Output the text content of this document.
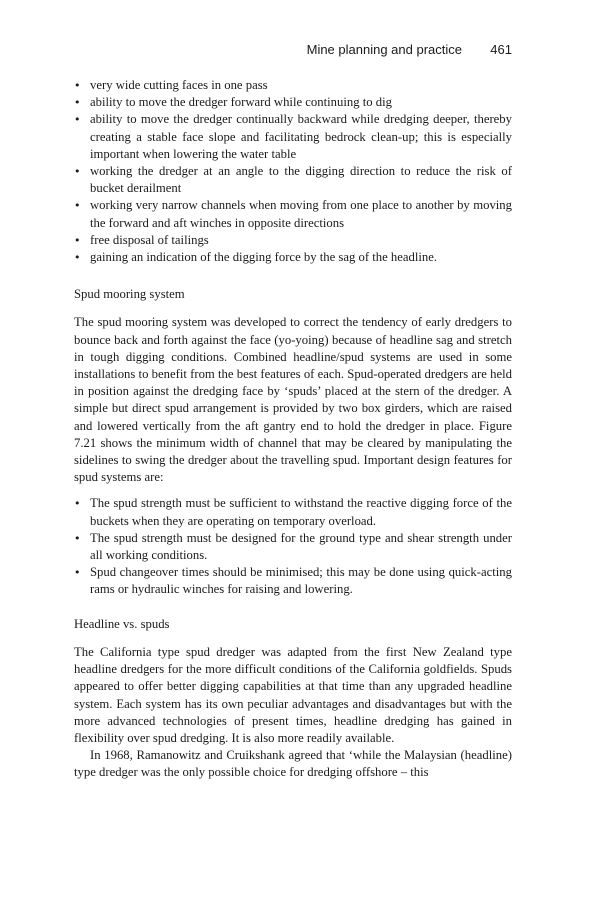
Mine planning and practice 461
• very wide cutting faces in one pass
• ability to move the dredger forward while continuing to dig
• ability to move the dredger continually backward while dredging deeper, thereby creating a stable face slope and facilitating bedrock clean-up; this is especially important when lowering the water table
• working the dredger at an angle to the digging direction to reduce the risk of bucket derailment
• working very narrow channels when moving from one place to another by moving the forward and aft winches in opposite directions
• free disposal of tailings
• gaining an indication of the digging force by the sag of the headline.
Spud mooring system

The spud mooring system was developed to correct the tendency of early dredgers to bounce back and forth against the face (yo-yoing) because of headline sag and stretch in tough digging conditions. Combined headline/spud systems are used in some installations to benefit from the best features of each. Spud-operated dredgers are held in position against the dredging face by ‘spuds’ placed at the stern of the dredger. A simple but direct spud arrangement is provided by two box girders, which are raised and lowered vertically from the aft gantry end to hold the dredger in place. Figure 7.21 shows the minimum width of channel that may be cleared by manipulating the sidelines to swing the dredger about the travelling spud. Important design features for spud systems are:

• The spud strength must be sufficient to withstand the reactive digging force of the buckets when they are operating on temporary overload.
• The spud strength must be designed for the ground type and shear strength under all working conditions.
• Spud changeover times should be minimised; this may be done using quick-acting rams or hydraulic winches for raising and lowering.
Headline vs. spuds

The California type spud dredger was adapted from the first New Zealand type headline dredgers for the more difficult conditions of the California goldfields. Spuds appeared to offer better digging capabilities at that time than any upgraded headline system. Each system has its own peculiar advantages and disadvantages but with the more advanced technologies of present times, headline dredging has gained in flexibility over spud dredging. It is also more readily available.

In 1968, Ramanowitz and Cruikshank agreed that ‘while the Malaysian (headline) type dredger was the only possible choice for dredging offshore – this
